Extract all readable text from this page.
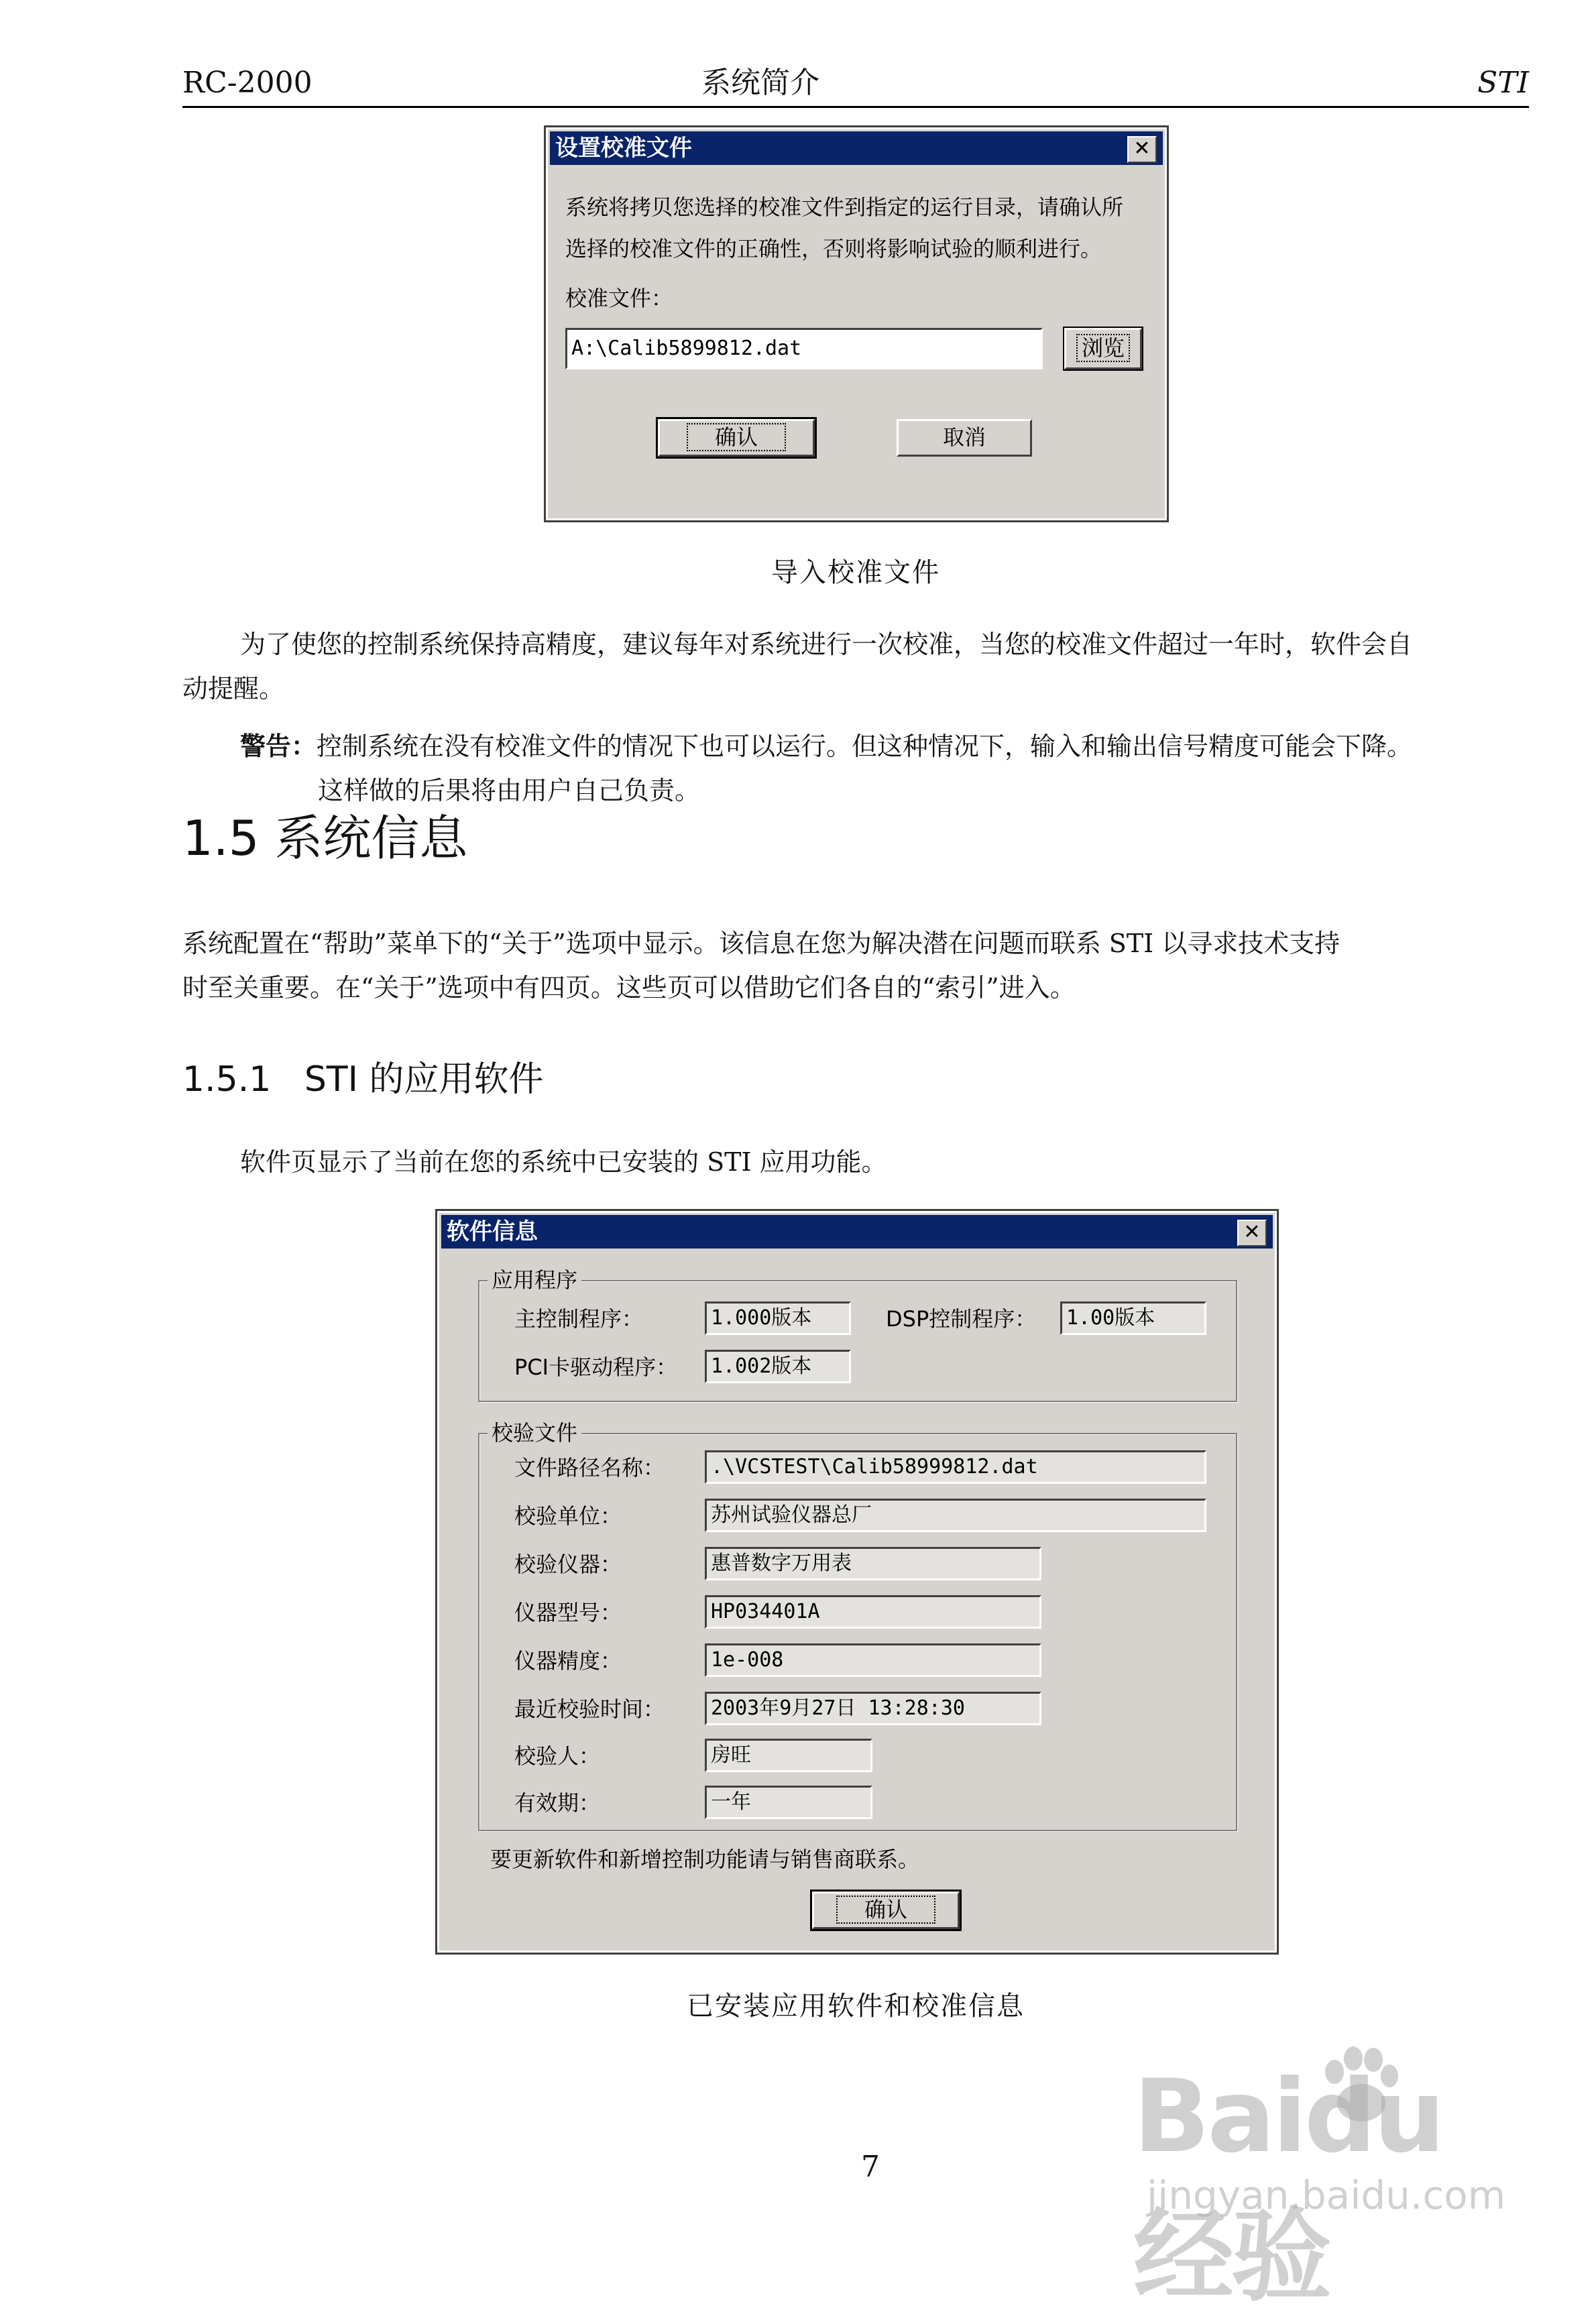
RC-2000	系统简介	STI
设置校准文件	✕
系统将拷贝您选择的校准文件到指定的运行目录，请确认所
选择的校准文件的正确性，否则将影响试验的顺利进行。
校准文件：
A:\Calib5899812.dat	浏览
确认	取消
导入校准文件
为了使您的控制系统保持高精度，建议每年对系统进行一次校准，当您的校准文件超过一年时，软件会自
动提醒。
警告：控制系统在没有校准文件的情况下也可以运行。但这种情况下，输入和输出信号精度可能会下降。
这样做的后果将由用户自己负责。
1.5 系统信息
系统配置在“帮助”菜单下的“关于”选项中显示。该信息在您为解决潜在问题而联系 STI 以寻求技术支持
时至关重要。在“关于”选项中有四页。这些页可以借助它们各自的“索引”进入。
1.5.1   STI 的应用软件
软件页显示了当前在您的系统中已安装的 STI 应用功能。
软件信息	✕
应用程序
主控制程序：	1.000版本	DSP控制程序：	1.00版本
PCI卡驱动程序：	1.002版本
校验文件
文件路径名称：	.\VCSTEST\Calib58999812.dat
校验单位：	苏州试验仪器总厂
校验仪器：	惠普数字万用表
仪器型号：	HP034401A
仪器精度：	1e-008
最近校验时间：	2003年9月27日 13:28:30
校验人：	房旺
有效期：	一年
要更新软件和新增控制功能请与销售商联系。
确认
已安装应用软件和校准信息
7	Baidu经验
jingyan.baidu.com
